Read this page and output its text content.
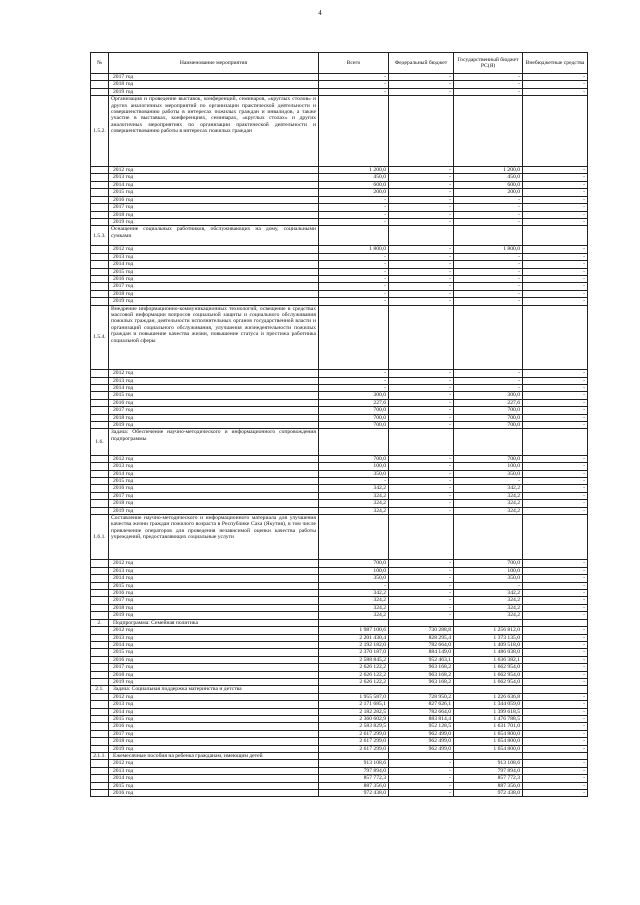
4
№	Наименование мероприятия	Всего	Федеральный бюджет	Государственный бюджет РС(Я)	Внебюджетные средства
	2017 год	-	-	-	-
	2018 год	-	-	-	-
	2019 год	-	-	-	-
1.5.2.	Организация и проведение выставок, конференций, семинаров, «круглых столов» и других аналогичных мероприятий по организации практической деятельности и совершенствованию работы в интересах пожилых граждан и инвалидов, а также участие в выставках, конференциях, семинарах, «круглых столах» и других аналогичных мероприятиях по организации практической деятельности и совершенствованию работы в интересах пожилых граждан				
	2012 год	1 200,0	-	1 200,0	-
	2013 год	450,0	-	450,0	-
	2014 год	600,0	-	600,0	-
	2015 год	200,0	-	200,0	-
	2016 год	-	-	-	-
	2017 год	-	-	-	-
	2018 год	-	-	-	-
	2019 год	-	-	-	-
1.5.3.	Оснащение социальных работников, обслуживающих на дому, социальными сумками				
	2012 год	1 800,0	-	1 800,0	-
	2013 год	-	-	-	-
	2014 год	-	-	-	-
	2015 год	-	-	-	-
	2016 год	-	-	-	-
	2017 год	-	-	-	-
	2018 год	-	-	-	-
	2019 год	-	-	-	-
1.5.4.	Внедрение информационно-коммуникационных технологий, освещение в средствах массовой информации вопросов социальной защиты и социального обслуживания пожилых граждан, деятельности исполнительных органов государственной власти и организаций социального обслуживания, улучшения жизнедеятельности пожилых граждан и повышение качества жизни, повышение статуса и престижа работника социальной сферы				
	2012 год	-	-	-	-
	2013 год	-	-	-	-
	2014 год	-	-	-	-
	2015 год	300,0	-	300,0	-
	2016 год	227,6	-	227,6	-
	2017 год	700,0	-	700,0	-
	2018 год	700,0	-	700,0	-
	2019 год	700,0	-	700,0	-
1.6.	Задача: Обеспечение научно-методического и информационного сопровождения подпрограммы				
	2012 год	700,0	-	700,0	-
	2013 год	100,0	-	100,0	-
	2014 год	350,0	-	350,0	-
	2015 год	-	-	-	-
	2016 год	342,2	-	342,2	-
	2017 год	324,2	-	324,2	-
	2018 год	324,2	-	324,2	-
	2019 год	324,2	-	324,2	-
1.6.1.	Составление научно-методического и информационного материала для улучшения качества жизни граждан пожилого возраста в Республике Саха (Якутия), в том числе привлечение операторов для проведения независимой оценки качества работы учреждений, предоставляющих социальные услуги				
	2012 год	700,0	-	700,0	-
	2013 год	100,0	-	100,0	-
	2014 год	350,0	-	350,0	-
	2015 год	-	-	-	-
	2016 год	342,2	-	342,2	-
	2017 год	324,2	-	324,2	-
	2018 год	324,2	-	324,2	-
	2019 год	324,2	-	324,2	-
2.	Подпрограмма: Семейная политика				
	2012 год	1 987 100,6	730 288,8	1 256 812,0	-
	2013 год	2 201 430,4	828 295,4	1 373 135,0	-
	2014 год	2 192 182,0	782 664,0	1 409 518,0	-
	2015 год	2 370 187,0	884 149,0	1 486 038,0	-
	2016 год	2 588 845,2	952 463,1	1 636 382,1	-
	2017 год	2 626 122,2	963 168,2	1 662 954,0	-
	2018 год	2 626 122,2	963 168,2	1 662 954,0	-
	2019 год	2 626 122,2	963 168,2	1 662 954,0	-
2.1.	Задача: Социальная поддержка материнства и детства				
	2012 год	1 955 587,0	728 950,2	1 226 636,8	-
	2013 год	2 171 685,1	827 626,1	1 344 059,0	-
	2014 год	2 182 282,5	782 664,0	1 399 618,5	-
	2015 год	2 360 602,9	883 814,4	1 476 788,5	-
	2016 год	2 583 829,5	952 128,5	1 631 701,0	-
	2017 год	2 617 299,0	962 499,0	1 654 800,0	-
	2018 год	2 617 299,0	962 499,0	1 654 800,0	-
	2019 год	2 617 299,0	962 499,0	1 654 800,0	-
2.1.1.	Ежемесячные пособия на ребенка гражданам, имеющим детей				
	2012 год	913 108,6	-	913 108,6	-
	2013 год	797 894,0	-	797 894,0	-
	2014 год	857 772,3	-	857 772,3	-
	2015 год	887 356,0	-	887 356,0	-
	2016 год	972 438,0	-	972 438,0	-
